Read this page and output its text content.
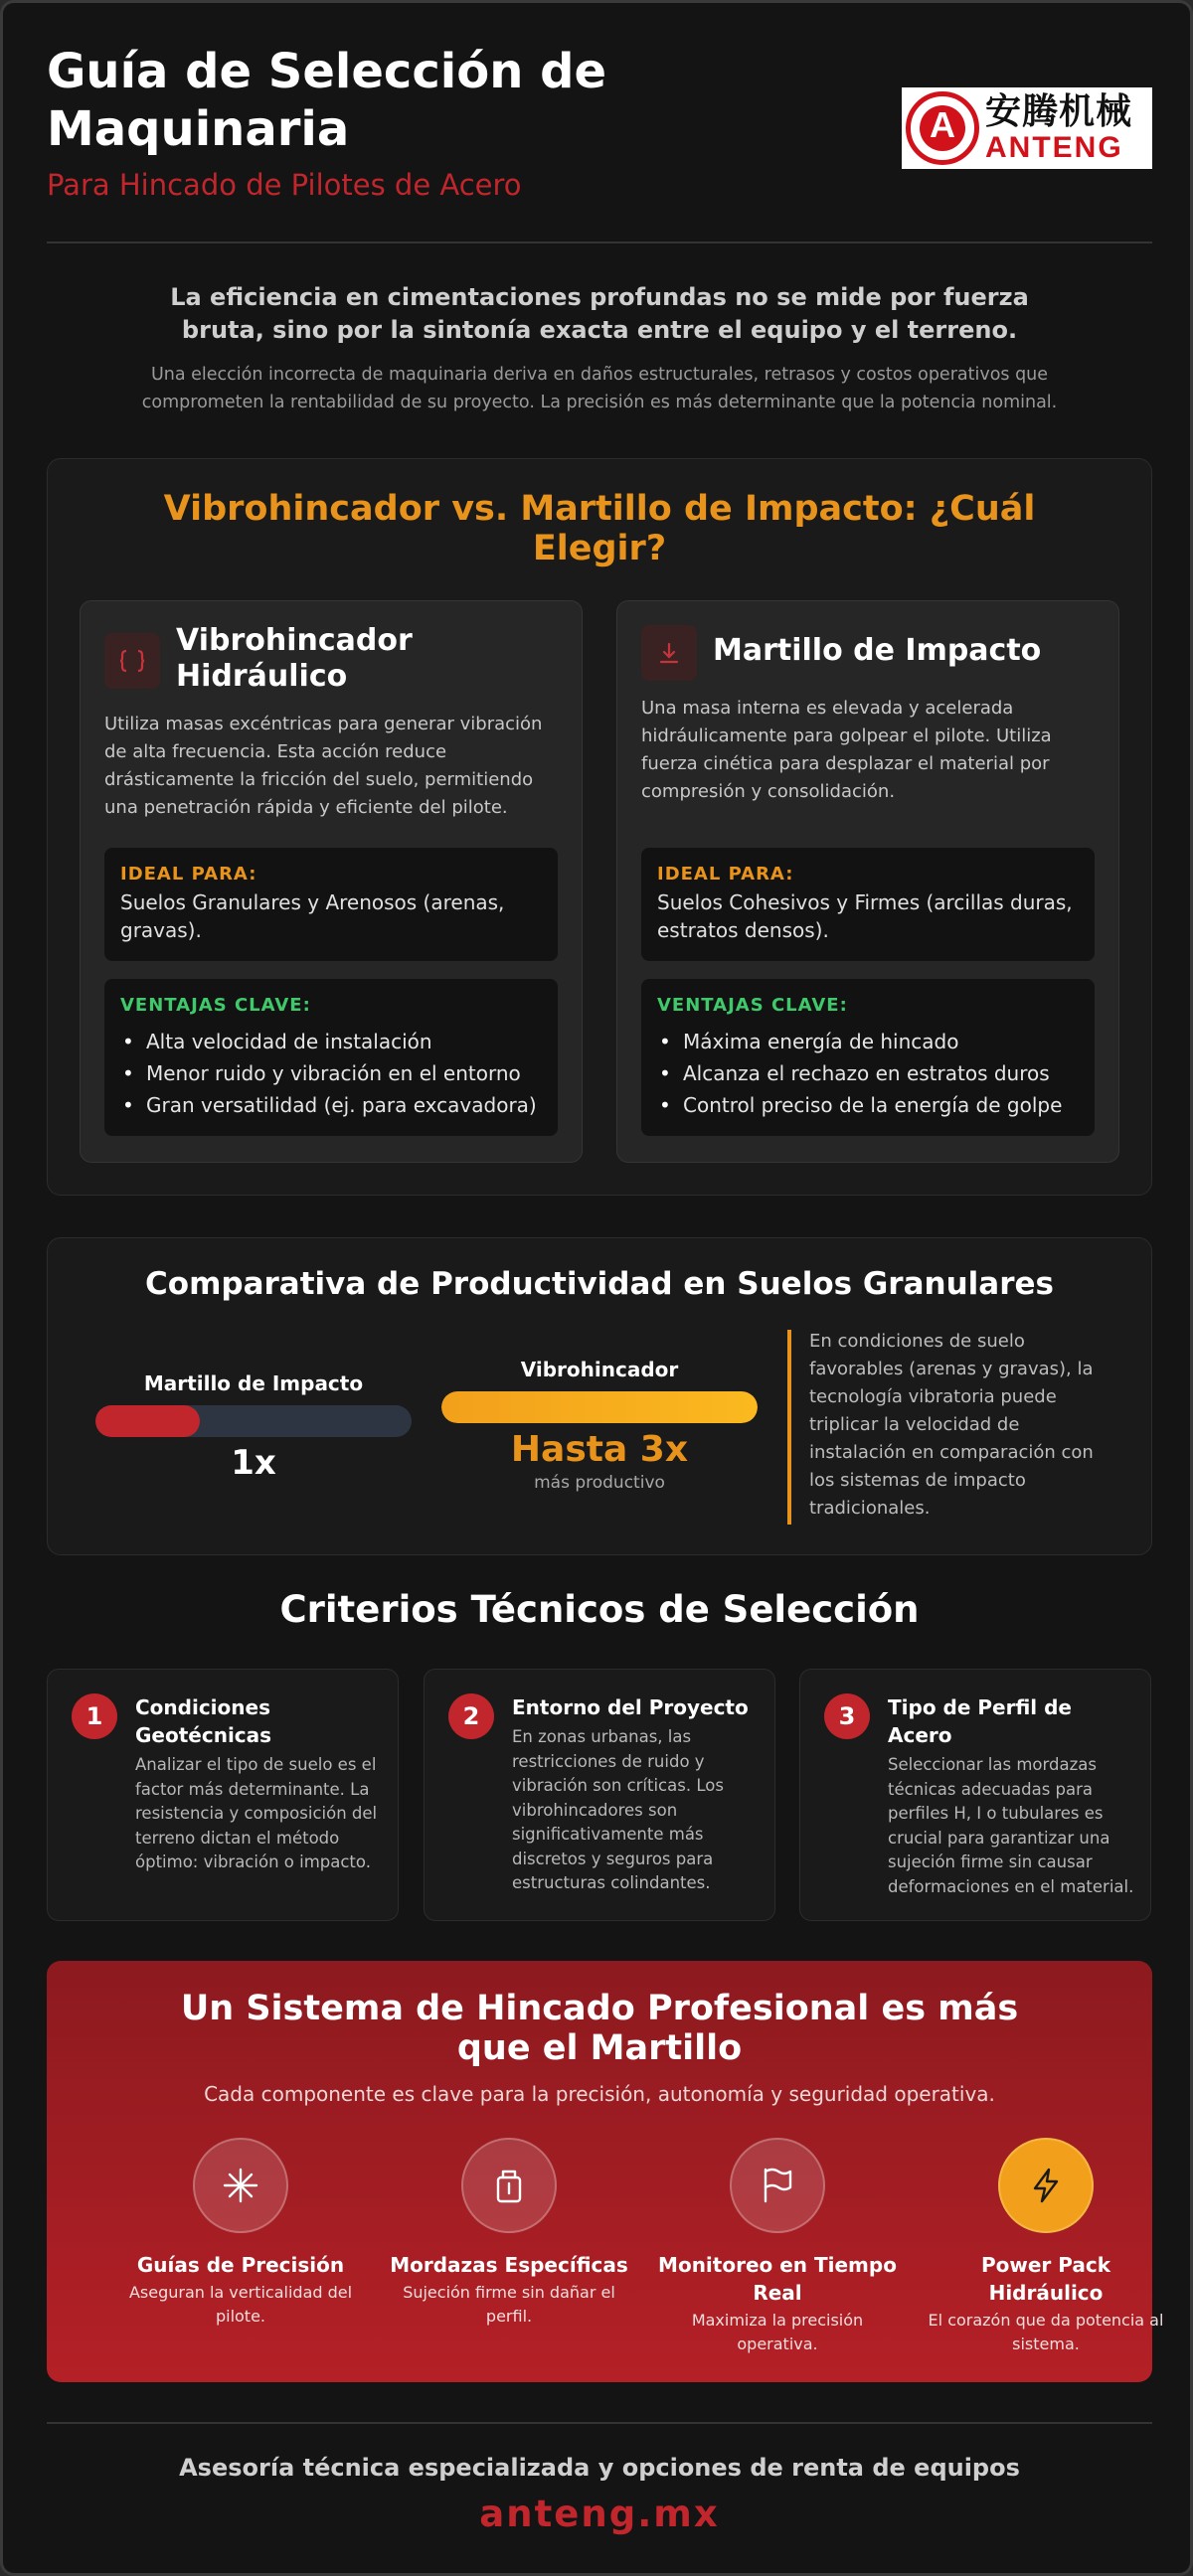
Guía de Selección de Maquinaria
Para Hincado de Pilotes de Acero
A 安腾机械
ANTENG
La eficiencia en cimentaciones profundas no se mide por fuerza bruta, sino por la sintonía exacta entre el equipo y el terreno.
Una elección incorrecta de maquinaria deriva en daños estructurales, retrasos y costos operativos que comprometen la rentabilidad de su proyecto. La precisión es más determinante que la potencia nominal.
Vibrohincador vs. Martillo de Impacto: ¿Cuál Elegir?
Vibrohincador Hidráulico
Utiliza masas excéntricas para generar vibración de alta frecuencia. Esta acción reduce drásticamente la fricción del suelo, permitiendo una penetración rápida y eficiente del pilote.
IDEAL PARA:
Suelos Granulares y Arenosos (arenas, gravas).
VENTAJAS CLAVE:
• Alta velocidad de instalación
• Menor ruido y vibración en el entorno
• Gran versatilidad (ej. para excavadora)
Martillo de Impacto
Una masa interna es elevada y acelerada hidráulicamente para golpear el pilote. Utiliza fuerza cinética para desplazar el material por compresión y consolidación.
IDEAL PARA:
Suelos Cohesivos y Firmes (arcillas duras, estratos densos).
VENTAJAS CLAVE:
• Máxima energía de hincado
• Alcanza el rechazo en estratos duros
• Control preciso de la energía de golpe
Comparativa de Productividad en Suelos Granulares
Martillo de Impacto
1x
Vibrohincador
Hasta 3x
más productivo
En condiciones de suelo favorables (arenas y gravas), la tecnología vibratoria puede triplicar la velocidad de instalación en comparación con los sistemas de impacto tradicionales.
Criterios Técnicos de Selección
1	Condiciones Geotécnicas
Analizar el tipo de suelo es el factor más determinante. La resistencia y composición del terreno dictan el método óptimo: vibración o impacto.
2	Entorno del Proyecto
En zonas urbanas, las restricciones de ruido y vibración son críticas. Los vibrohincadores son significativamente más discretos y seguros para estructuras colindantes.
3	Tipo de Perfil de Acero
Seleccionar las mordazas técnicas adecuadas para perfiles H, I o tubulares es crucial para garantizar una sujeción firme sin causar deformaciones en el material.
Un Sistema de Hincado Profesional es más que el Martillo
Cada componente es clave para la precisión, autonomía y seguridad operativa.
Guías de Precisión
Aseguran la verticalidad del pilote.
Mordazas Específicas
Sujeción firme sin dañar el perfil.
Monitoreo en Tiempo Real
Maximiza la precisión operativa.
Power Pack Hidráulico
El corazón que da potencia al sistema.
Asesoría técnica especializada y opciones de renta de equipos
anteng.mx
